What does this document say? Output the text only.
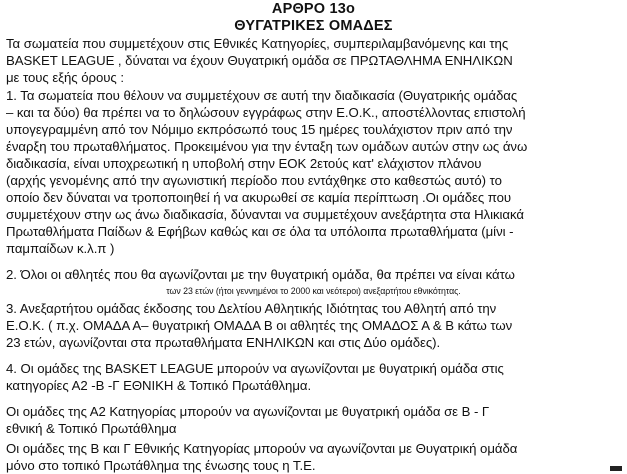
ΑΡΘΡΟ 13ο
ΘΥΓΑΤΡΙΚΕΣ ΟΜΑΔΕΣ
Τα σωματεία που συμμετέχουν στις Εθνικές Κατηγορίες, συμπεριλαμβανόμενης και της
BASKET LEAGUE , δύναται να έχουν Θυγατρική ομάδα σε ΠΡΩΤΑΘΛΗΜΑ ΕΝΗΛΙΚΩΝ
με τους εξής όρους :
1. Τα σωματεία που θέλουν να συμμετέχουν σε αυτή την διαδικασία (Θυγατρικής ομάδας
– και τα δύο) θα πρέπει να το δηλώσουν εγγράφως στην Ε.Ο.Κ., αποστέλλοντας επιστολή
υπογεγραμμένη από τον Νόμιμο εκπρόσωπό τους 15 ημέρες τουλάχιστον πριν από την
έναρξη του πρωταθλήματος. Προκειμένου για την ένταξη των ομάδων αυτών στην ως άνω
διαδικασία, είναι υποχρεωτική η υποβολή στην ΕΟΚ 2ετούς κατ' ελάχιστον πλάνου
(αρχής γενομένης από την αγωνιστική περίοδο που εντάχθηκε στο καθεστώς αυτό) το
οποίο δεν δύναται να τροποποιηθεί ή να ακυρωθεί σε καμία περίπτωση .Οι ομάδες που
συμμετέχουν στην ως άνω διαδικασία, δύνανται να συμμετέχουν ανεξάρτητα στα Ηλικιακά
Πρωταθλήματα Παίδων & Εφήβων καθώς και σε όλα τα υπόλοιπα πρωταθλήματα (μίνι -
παμπαίδων κ.λ.π )
2. Όλοι οι αθλητές που θα αγωνίζονται με την θυγατρική ομάδα, θα πρέπει να είναι κάτω
των 23 ετών (ήτοι γεννημένοι το 2000 και νεότεροι) ανεξαρτήτου εθνικότητας.
3. Ανεξαρτήτου ομάδας έκδοσης του Δελτίου Αθλητικής Ιδιότητας του Αθλητή από την
Ε.Ο.Κ. ( π.χ. ΟΜΑΔΑ Α– θυγατρική ΟΜΑΔΑ Β οι αθλητές της ΟΜΑΔΟΣ Α & Β κάτω των
23 ετών, αγωνίζονται στα πρωταθλήματα ΕΝΗΛΙΚΩΝ και στις Δύο ομάδες).
4. Οι ομάδες της BASKET LEAGUE μπορούν να αγωνίζονται με θυγατρική ομάδα στις
κατηγορίες Α2 -Β -Γ ΕΘΝΙΚΗ & Τοπικό Πρωτάθλημα.
Οι ομάδες της Α2 Κατηγορίας μπορούν να αγωνίζονται με θυγατρική ομάδα σε Β - Γ
εθνική & Τοπικό Πρωτάθλημα
Οι ομάδες της Β και Γ Εθνικής Κατηγορίας μπορούν να αγωνίζονται με Θυγατρική ομάδα
μόνο στο τοπικό Πρωτάθλημα της ένωσης τους η Τ.Ε.
